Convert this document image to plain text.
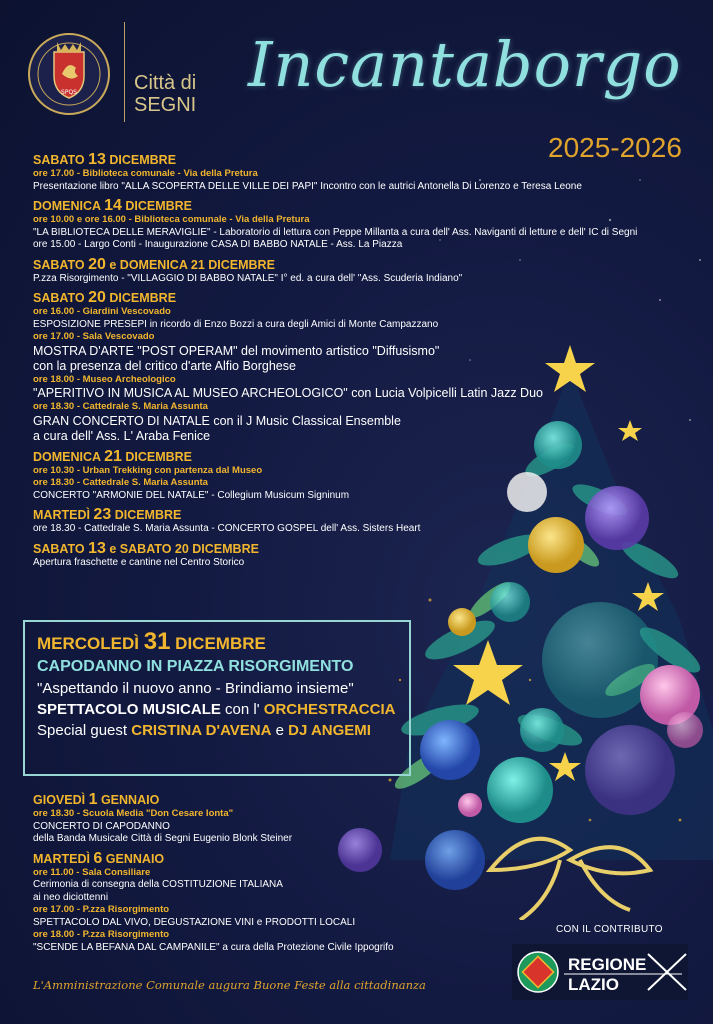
SPQS	Città di
SEGNI
Incantaborgo
2025-2026
SABATO 13 DICEMBRE
ore 17.00 - Biblioteca comunale - Via della Pretura
Presentazione libro "ALLA SCOPERTA DELLE VILLE DEI PAPI" Incontro con le autrici Antonella Di Lorenzo e Teresa Leone
DOMENICA 14 DICEMBRE
ore 10.00 e ore 16.00 - Biblioteca comunale - Via della Pretura
"LA BIBLIOTECA DELLE MERAVIGLIE" - Laboratorio di lettura con Peppe Millanta a cura dell' Ass. Naviganti di letture e dell' IC di Segni
ore 15.00 - Largo Conti - Inaugurazione CASA DI BABBO NATALE - Ass. La Piazza
SABATO 20 e DOMENICA 21 DICEMBRE
P.zza Risorgimento - "VILLAGGIO DI BABBO NATALE" I° ed. a cura dell' "Ass. Scuderia Indiano"
SABATO 20 DICEMBRE
ore 16.00 - Giardini Vescovado
ESPOSIZIONE PRESEPI in ricordo di Enzo Bozzi a cura degli Amici di Monte Campazzano
ore 17.00 - Sala Vescovado
MOSTRA D'ARTE "POST OPERAM" del movimento artistico "Diffusismo"
con la presenza del critico d'arte Alfio Borghese
ore 18.00 - Museo Archeologico
"APERITIVO IN MUSICA AL MUSEO ARCHEOLOGICO" con Lucia Volpicelli Latin Jazz Duo
ore 18.30 - Cattedrale S. Maria Assunta
GRAN CONCERTO DI NATALE con il J Music Classical Ensemble
a cura dell' Ass. L' Araba Fenice
DOMENICA 21 DICEMBRE
ore 10.30 - Urban Trekking con partenza dal Museo
ore 18.30 - Cattedrale S. Maria Assunta
CONCERTO "ARMONIE DEL NATALE" - Collegium Musicum Signinum
MARTEDÌ 23 DICEMBRE
ore 18.30 - Cattedrale S. Maria Assunta - CONCERTO GOSPEL dell' Ass. Sisters Heart
SABATO 13 e SABATO 20 DICEMBRE
Apertura fraschette e cantine nel Centro Storico
MERCOLEDÌ 31 DICEMBRE
CAPODANNO IN PIAZZA RISORGIMENTO
"Aspettando il nuovo anno - Brindiamo insieme"
SPETTACOLO MUSICALE con l' ORCHESTRACCIA
Special guest CRISTINA D'AVENA e DJ ANGEMI
GIOVEDÌ 1 GENNAIO
ore 18.30 - Scuola Media "Don Cesare Ionta"
CONCERTO DI CAPODANNO
della Banda Musicale Città di Segni Eugenio Blonk Steiner
MARTEDÌ 6 GENNAIO
ore 11.00 - Sala Consiliare
Cerimonia di consegna della COSTITUZIONE ITALIANA
ai neo diciottenni
ore 17.00 - P.zza Risorgimento
SPETTACOLO DAL VIVO, DEGUSTAZIONE VINI e PRODOTTI LOCALI
ore 18.00 - P.zza Risorgimento
"SCENDE LA BEFANA DAL CAMPANILE" a cura della Protezione Civile Ippogrifo
L'Amministrazione Comunale augura Buone Feste alla cittadinanza
CON IL CONTRIBUTO
REGIONE
LAZIO
